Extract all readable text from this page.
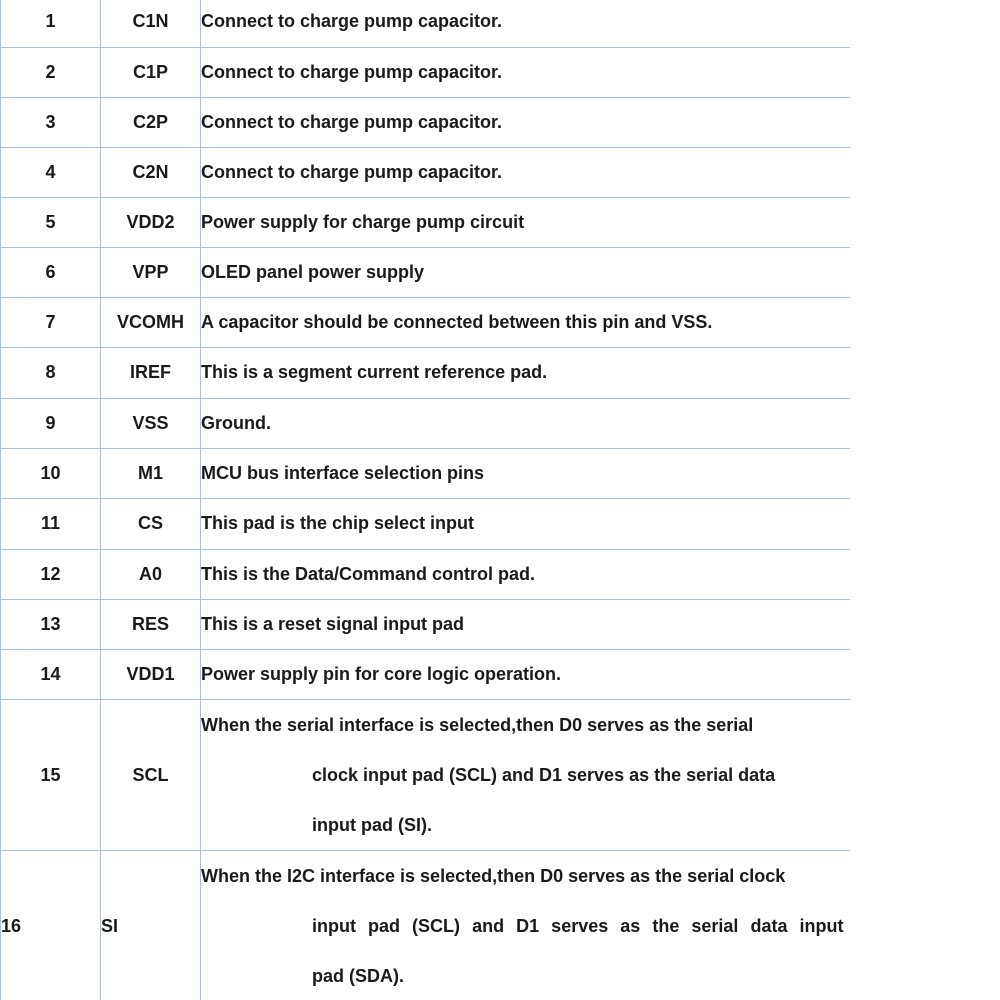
1	C1N	Connect to charge pump capacitor.
2	C1P	Connect to charge pump capacitor.
3	C2P	Connect to charge pump capacitor.
4	C2N	Connect to charge pump capacitor.
5	VDD2	Power supply for charge pump circuit
6	VPP	OLED panel power supply
7	VCOMH	A capacitor should be connected between this pin and VSS.
8	IREF	This is a segment current reference pad.
9	VSS	Ground.
10	M1	MCU bus interface selection pins
11	CS	This pad is the chip select input
12	A0	This is the Data/Command control pad.
13	RES	This is a reset signal input pad
14	VDD1	Power supply pin for core logic operation.

15	SCL	When the serial interface is selected,then D0 serves as the serial
clock input pad (SCL) and D1 serves as the serial data
input pad (SI).

16	SI	When the I2C interface is selected,then D0 serves as the serial clock
input pad (SCL) and D1 serves as the serial data input
pad (SDA).
